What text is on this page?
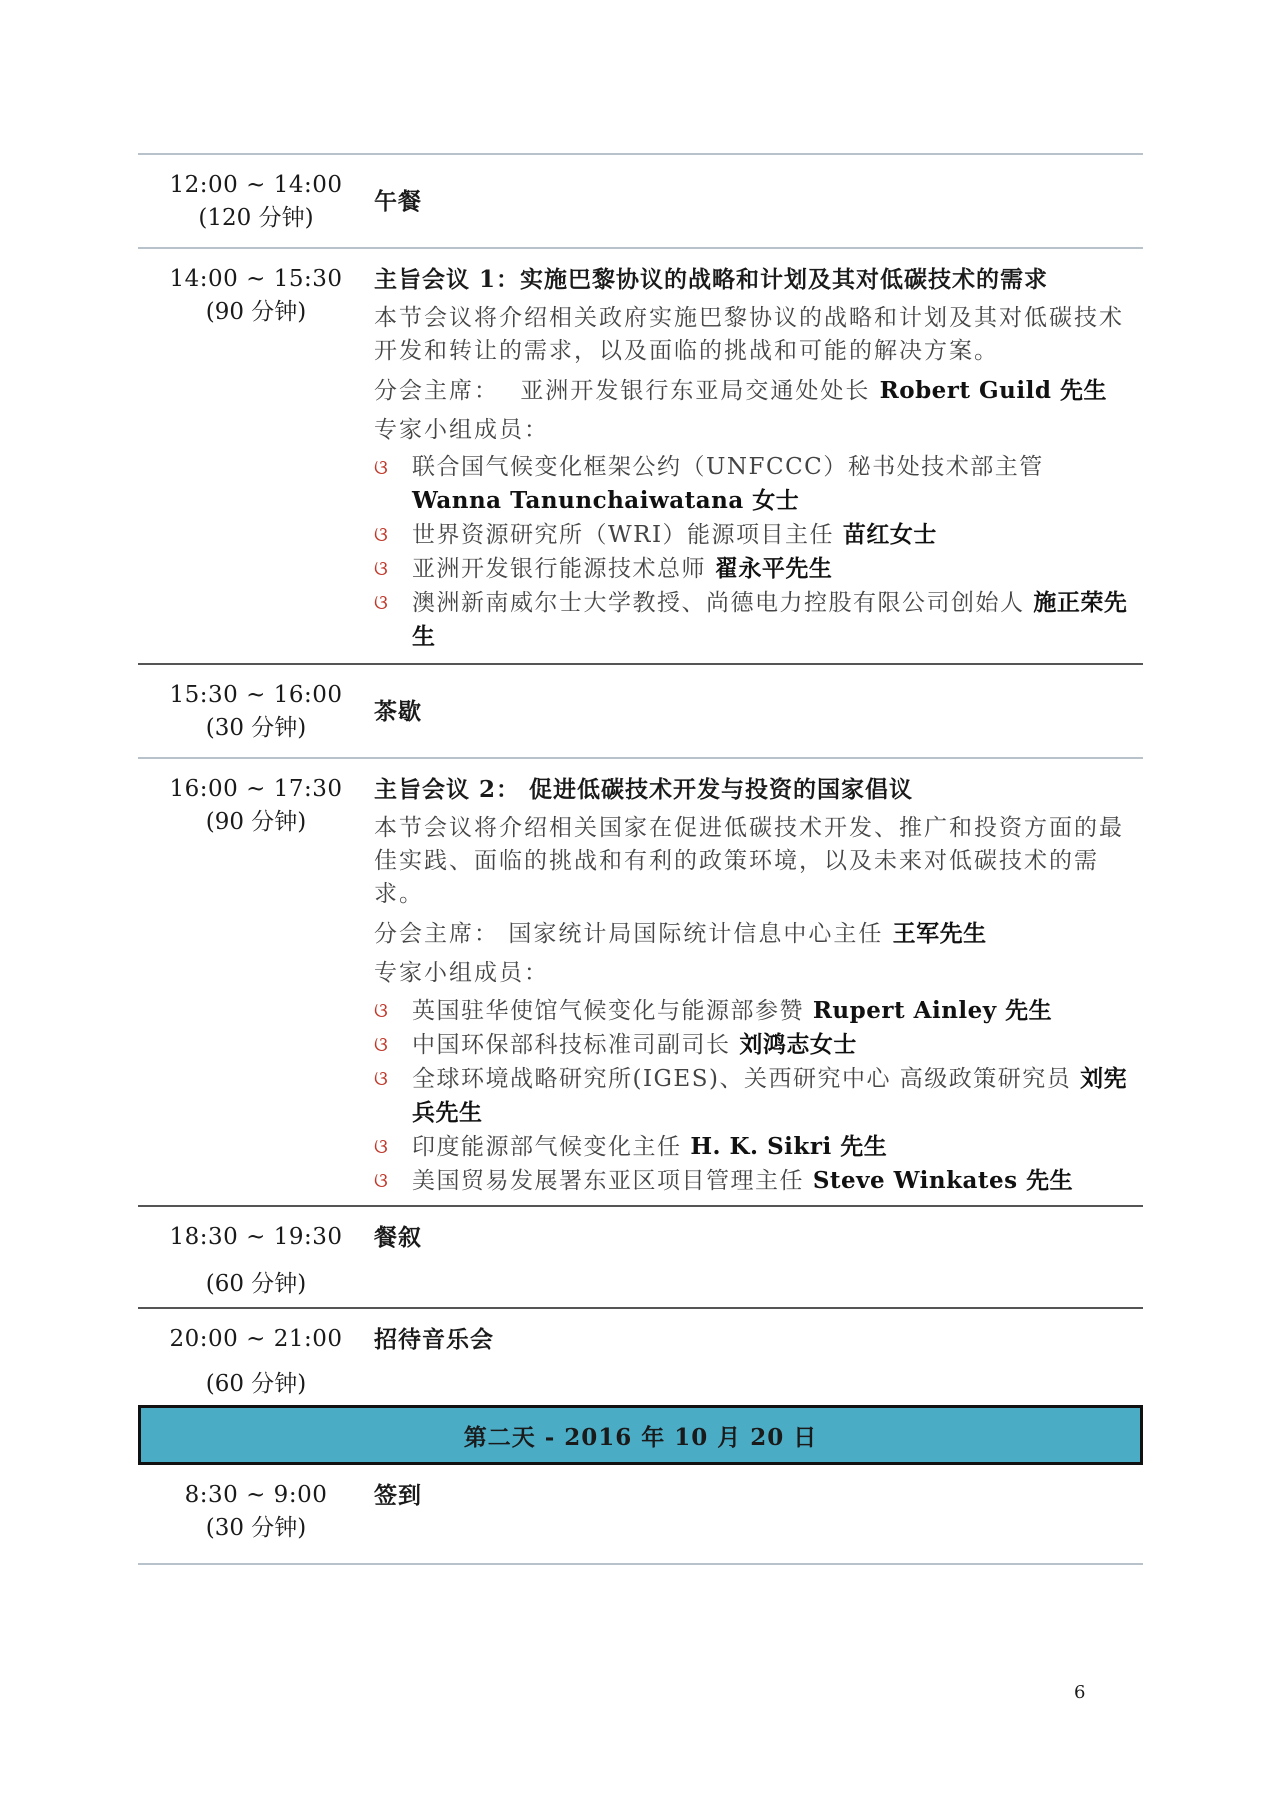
12:00 ~ 14:00
(120 分钟)
午餐
14:00 ~ 15:30
(90 分钟)
主旨会议 1：实施巴黎协议的战略和计划及其对低碳技术的需求
本节会议将介绍相关政府实施巴黎协议的战略和计划及其对低碳技术开发和转让的需求，以及面临的挑战和可能的解决方案。
分会主席： 亚洲开发银行东亚局交通处处长 Robert Guild 先生
专家小组成员：
ଓ 联合国气候变化框架公约（UNFCCC）秘书处技术部主管 Wanna Tanunchaiwatana 女士
ଓ 世界资源研究所（WRI）能源项目主任 苗红女士
ଓ 亚洲开发银行能源技术总师 翟永平先生
ଓ 澳洲新南威尔士大学教授、尚德电力控股有限公司创始人 施正荣先生
15:30 ~ 16:00
(30 分钟)
茶歇
16:00 ~ 17:30
(90 分钟)
主旨会议 2： 促进低碳技术开发与投资的国家倡议
本节会议将介绍相关国家在促进低碳技术开发、推广和投资方面的最佳实践、面临的挑战和有利的政策环境，以及未来对低碳技术的需求。
分会主席： 国家统计局国际统计信息中心主任 王军先生
专家小组成员：
ଓ 英国驻华使馆气候变化与能源部参赞 Rupert Ainley 先生
ଓ 中国环保部科技标准司副司长 刘鸿志女士
ଓ 全球环境战略研究所(IGES)、关西研究中心 高级政策研究员 刘宪兵先生
ଓ 印度能源部气候变化主任 H. K. Sikri 先生
ଓ 美国贸易发展署东亚区项目管理主任 Steve Winkates 先生
18:30 ~ 19:30
(60 分钟)
餐叙
20:00 ~ 21:00
(60 分钟)
招待音乐会
第二天 - 2016 年 10 月 20 日
8:30 ~ 9:00
(30 分钟)
签到
6
